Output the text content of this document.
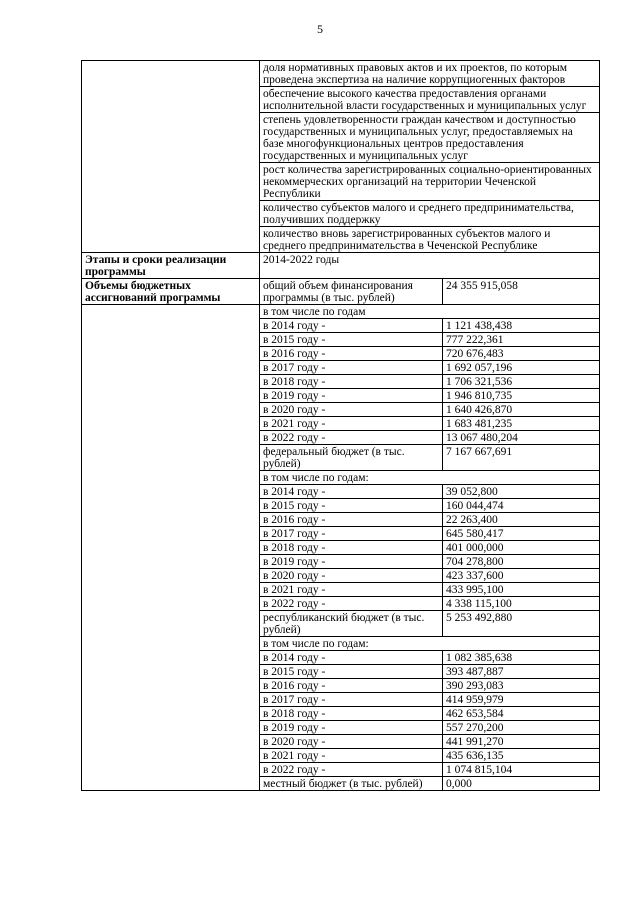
5
	доля нормативных правовых актов и их проектов, по которым проведена экспертиза на наличие коррупциогенных факторов	
	обеспечение высокого качества предоставления органами исполнительной власти государственных и муниципальных услуг	
	степень удовлетворенности граждан качеством и доступностью государственных и муниципальных услуг, предоставляемых на базе многофункциональных центров предоставления государственных и муниципальных услуг	
	рост количества зарегистрированных социально-ориентированных некоммерческих организаций на территории Чеченской Республики	
	количество субъектов малого и среднего предпринимательства, получивших поддержку	
	количество вновь зарегистрированных субъектов малого и среднего предпринимательства в Чеченской Республике	
Этапы и сроки реализации программы	2014-2022 годы	
Объемы бюджетных ассигнований программы	общий объем финансирования программы (в тыс. рублей)	24 355 915,058
	в том числе по годам	
	в 2014 году -	1 121 438,438
	в 2015 году -	777 222,361
	в 2016 году -	720 676,483
	в 2017 году -	1 692 057,196
	в 2018 году -	1 706 321,536
	в 2019 году -	1 946 810,735
	в 2020 году -	1 640 426,870
	в 2021 году -	1 683 481,235
	в 2022 году -	13 067 480,204
	федеральный бюджет (в тыс. рублей)	7 167 667,691
	в том числе по годам:	
	в 2014 году -	39 052,800
	в 2015 году -	160 044,474
	в 2016 году -	22 263,400
	в 2017 году -	645 580,417
	в 2018 году -	401 000,000
	в 2019 году -	704 278,800
	в 2020 году -	423 337,600
	в 2021 году -	433 995,100
	в 2022 году -	4 338 115,100
	республиканский бюджет (в тыс. рублей)	5 253 492,880
	в том числе по годам:	
	в 2014 году -	1 082 385,638
	в 2015 году -	393 487,887
	в 2016 году -	390 293,083
	в 2017 году -	414 959,979
	в 2018 году -	462 653,584
	в 2019 году -	557 270,200
	в 2020 году -	441 991,270
	в 2021 году -	435 636,135
	в 2022 году -	1 074 815,104
	местный бюджет (в тыс. рублей)	0,000
